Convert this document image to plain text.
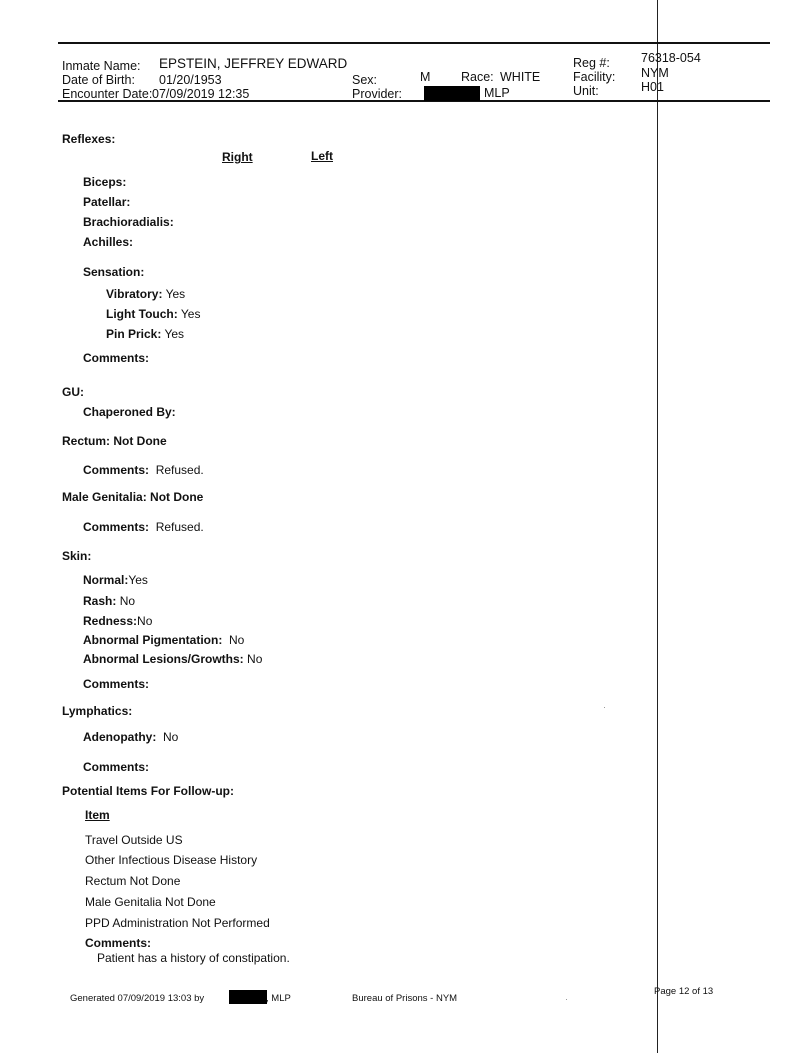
Inmate Name: EPSTEIN, JEFFREY EDWARD
Date of Birth: 01/20/1953
Encounter Date: 07/09/2019 12:35
Sex:	M Race: WHITE
Provider:	MLP
Reg #: 76318-054
Facility: NYM
Unit:	H01
Reflexes:
Right	Left
Biceps:
Patellar:
Brachioradialis:
Achilles:
Sensation:
Vibratory: Yes
Light Touch: Yes
Pin Prick: Yes
Comments:
GU:
Chaperoned By:
Rectum: Not Done
Comments: Refused.
Male Genitalia: Not Done
Comments: Refused.
Skin:
Normal:Yes
Rash: No
Redness:No
Abnormal Pigmentation: No
Abnormal Lesions/Growths: No
Comments:
Lymphatics:
Adenopathy: No
Comments:
Potential Items For Follow-up:
Item
Travel Outside US
Other Infectious Disease History
Rectum Not Done
Male Genitalia Not Done
PPD Administration Not Performed
Comments:
Patient has a history of constipation.
Generated 07/09/2019 13:03 by	, MLP	Bureau of Prisons - NYM
Page 12 of 13
